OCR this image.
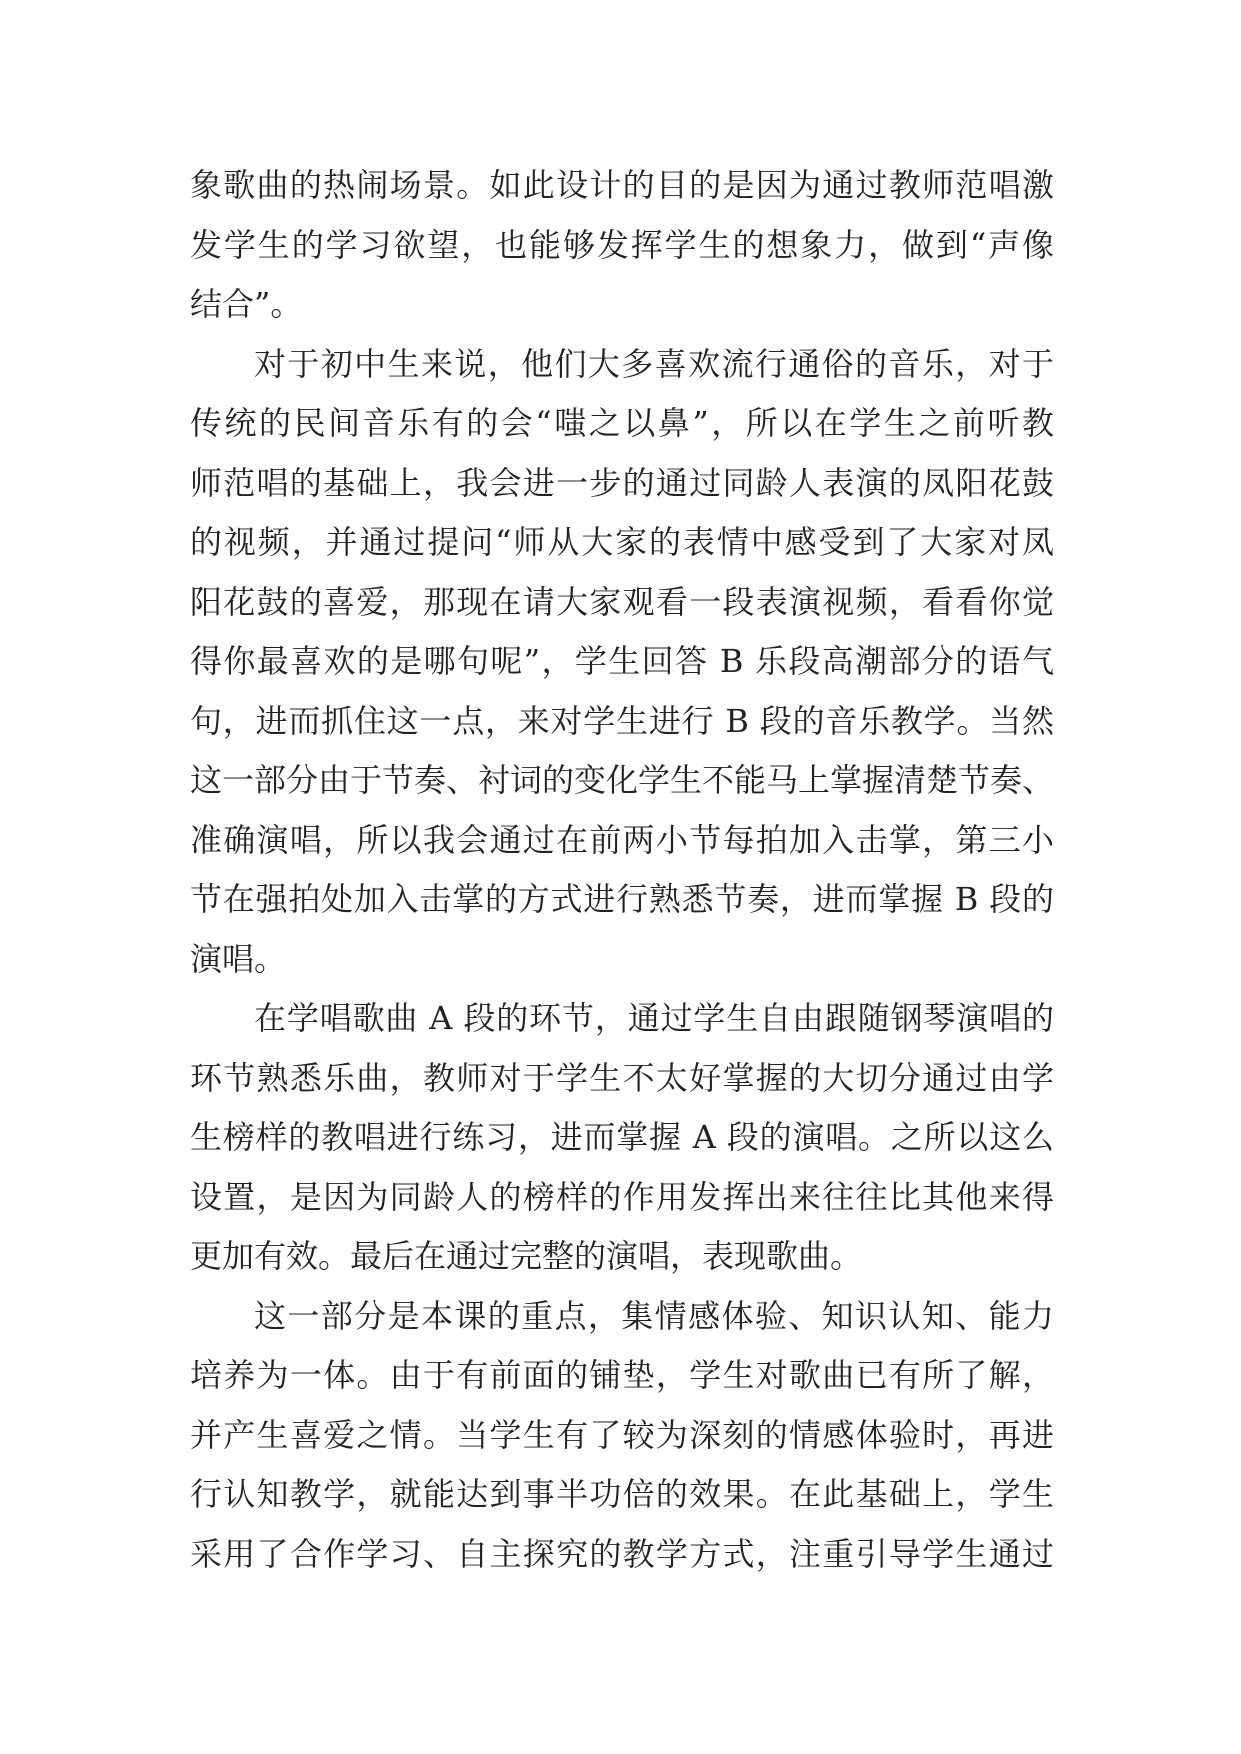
象歌曲的热闹场景。如此设计的目的是因为通过教师范唱激
发学生的学习欲望，也能够发挥学生的想象力，做到“声像
结合”。
对于初中生来说，他们大多喜欢流行通俗的音乐，对于
传统的民间音乐有的会“嗤之以鼻”，所以在学生之前听教
师范唱的基础上，我会进一步的通过同龄人表演的凤阳花鼓
的视频，并通过提问“师从大家的表情中感受到了大家对凤
阳花鼓的喜爱，那现在请大家观看一段表演视频，看看你觉
得你最喜欢的是哪句呢”，学生回答 B 乐段高潮部分的语气
句，进而抓住这一点，来对学生进行 B 段的音乐教学。当然
这一部分由于节奏、衬词的变化学生不能马上掌握清楚节奏、
准确演唱，所以我会通过在前两小节每拍加入击掌，第三小
节在强拍处加入击掌的方式进行熟悉节奏，进而掌握 B 段的
演唱。
在学唱歌曲 A 段的环节，通过学生自由跟随钢琴演唱的
环节熟悉乐曲，教师对于学生不太好掌握的大切分通过由学
生榜样的教唱进行练习，进而掌握 A 段的演唱。之所以这么
设置，是因为同龄人的榜样的作用发挥出来往往比其他来得
更加有效。最后在通过完整的演唱，表现歌曲。
这一部分是本课的重点，集情感体验、知识认知、能力
培养为一体。由于有前面的铺垫，学生对歌曲已有所了解，
并产生喜爱之情。当学生有了较为深刻的情感体验时，再进
行认知教学，就能达到事半功倍的效果。在此基础上，学生
采用了合作学习、自主探究的教学方式，注重引导学生通过
